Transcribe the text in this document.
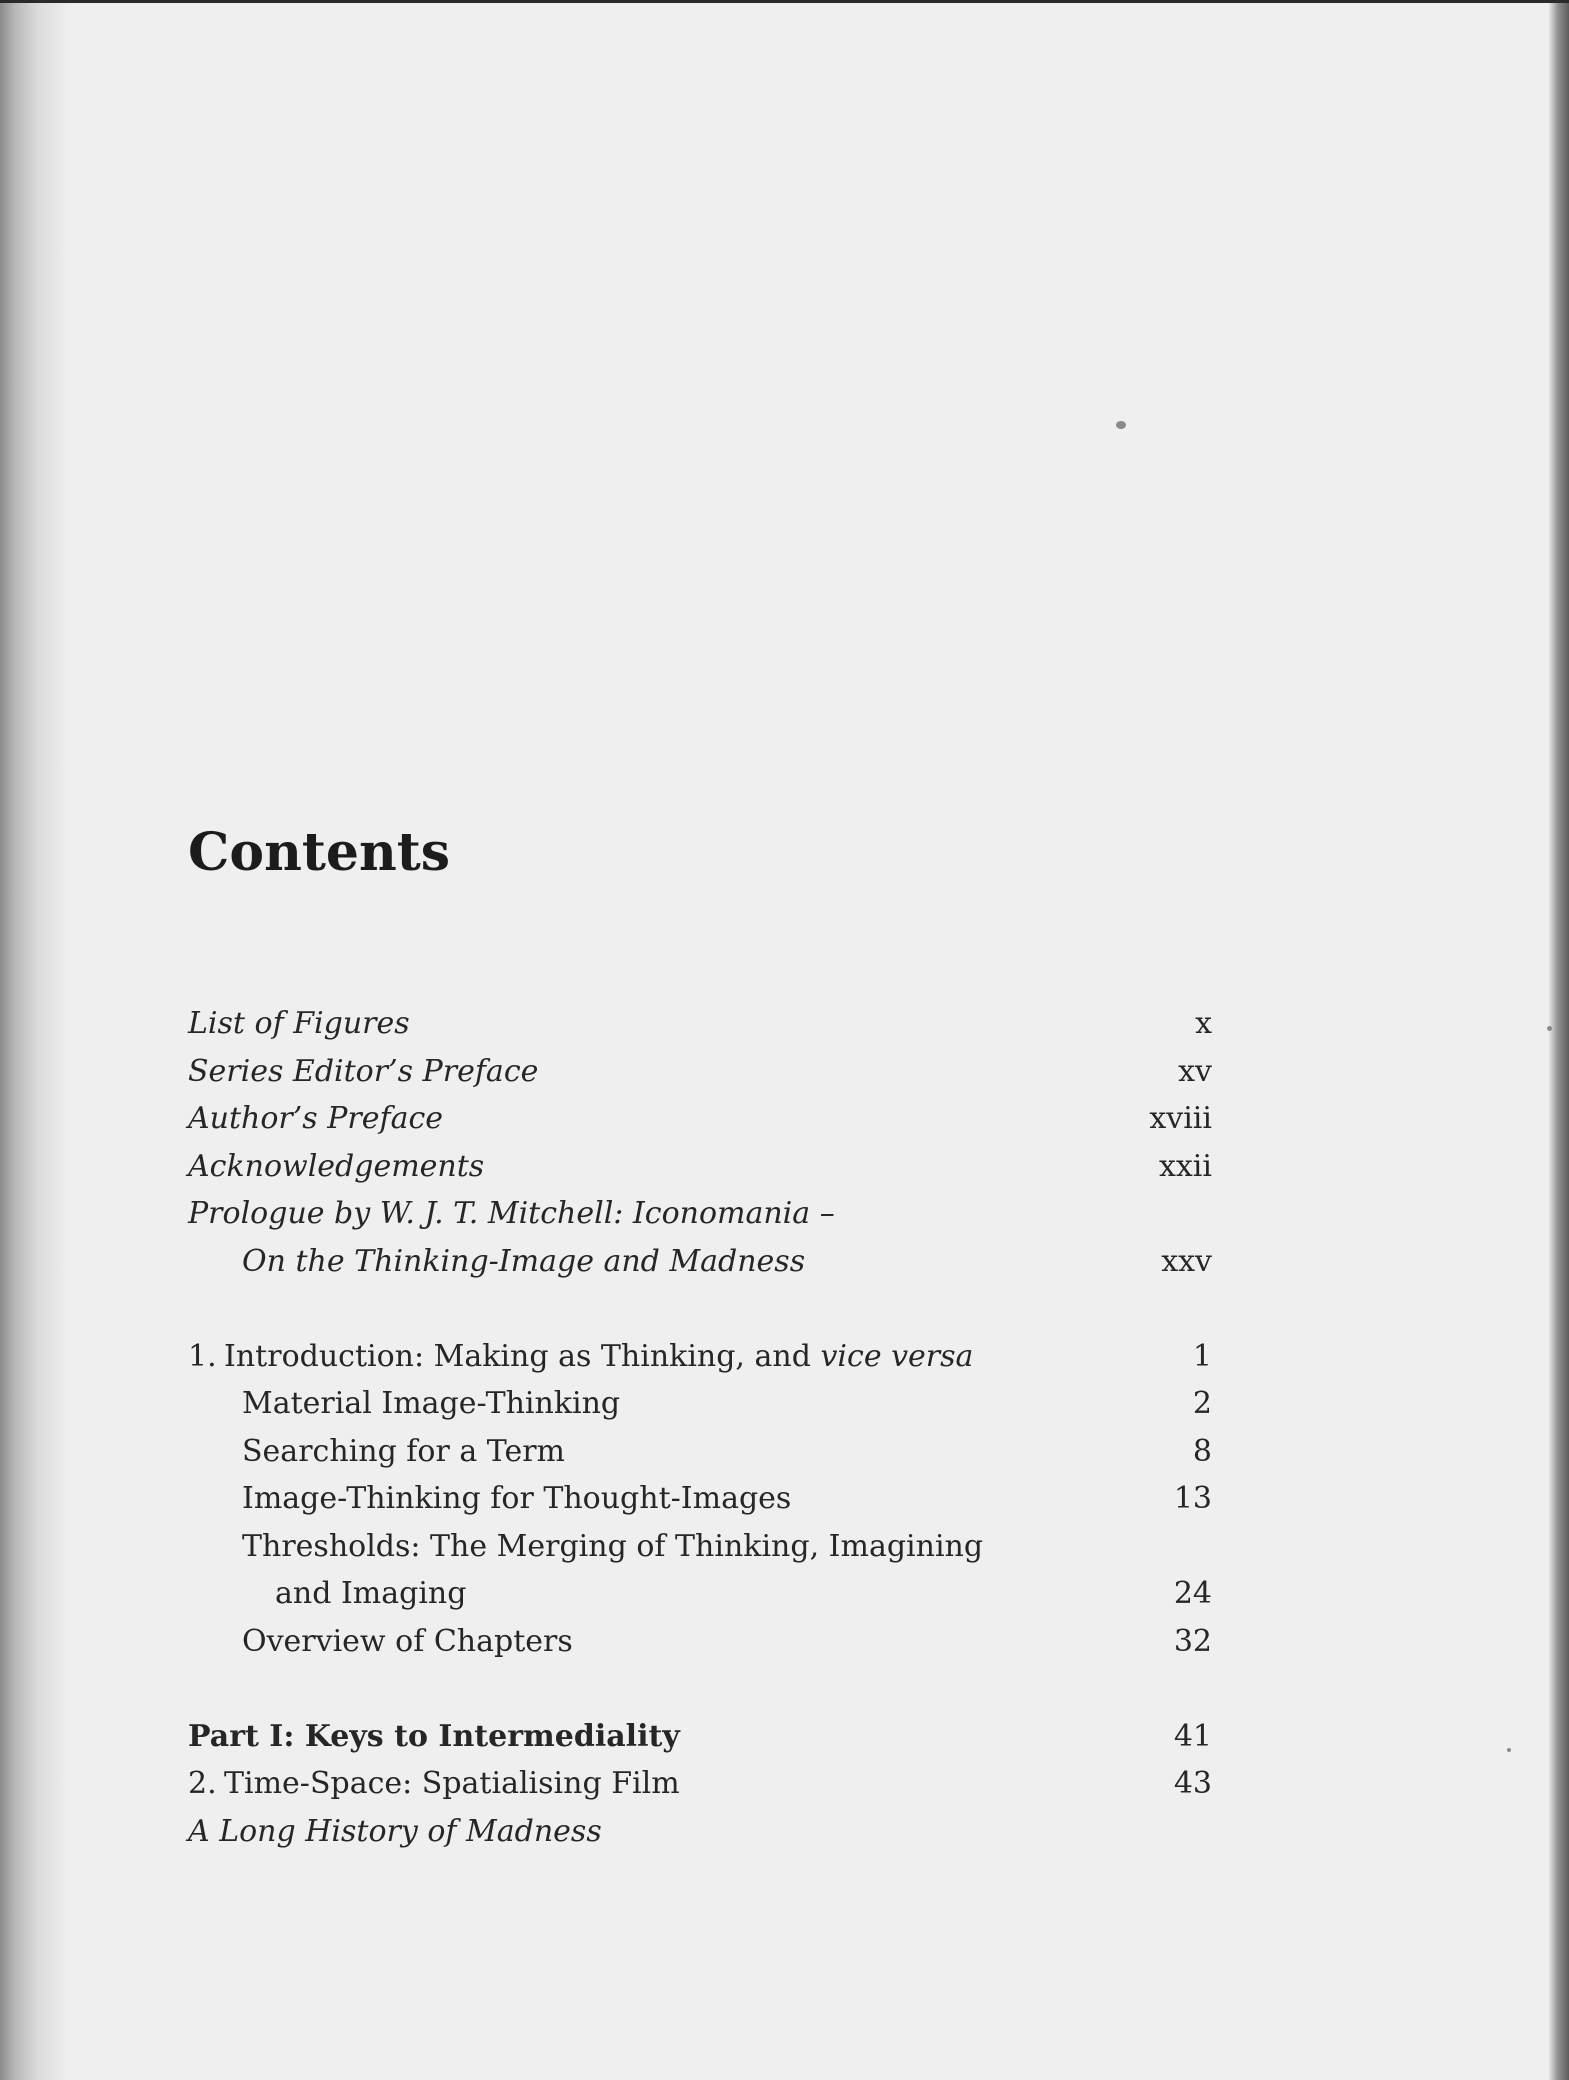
Contents
List of Figures	x
Series Editor’s Preface	xv
Author’s Preface	xviii
Acknowledgements	xxii
Prologue by W. J. T. Mitchell: Iconomania –
On the Thinking-Image and Madness	xxv
1. Introduction: Making as Thinking, and vice versa	1
Material Image-Thinking	2
Searching for a Term	8
Image-Thinking for Thought-Images	13
Thresholds: The Merging of Thinking, Imagining
and Imaging	24
Overview of Chapters	32
Part I: Keys to Intermediality	41
2. Time-Space: Spatialising Film	43
A Long History of Madness
